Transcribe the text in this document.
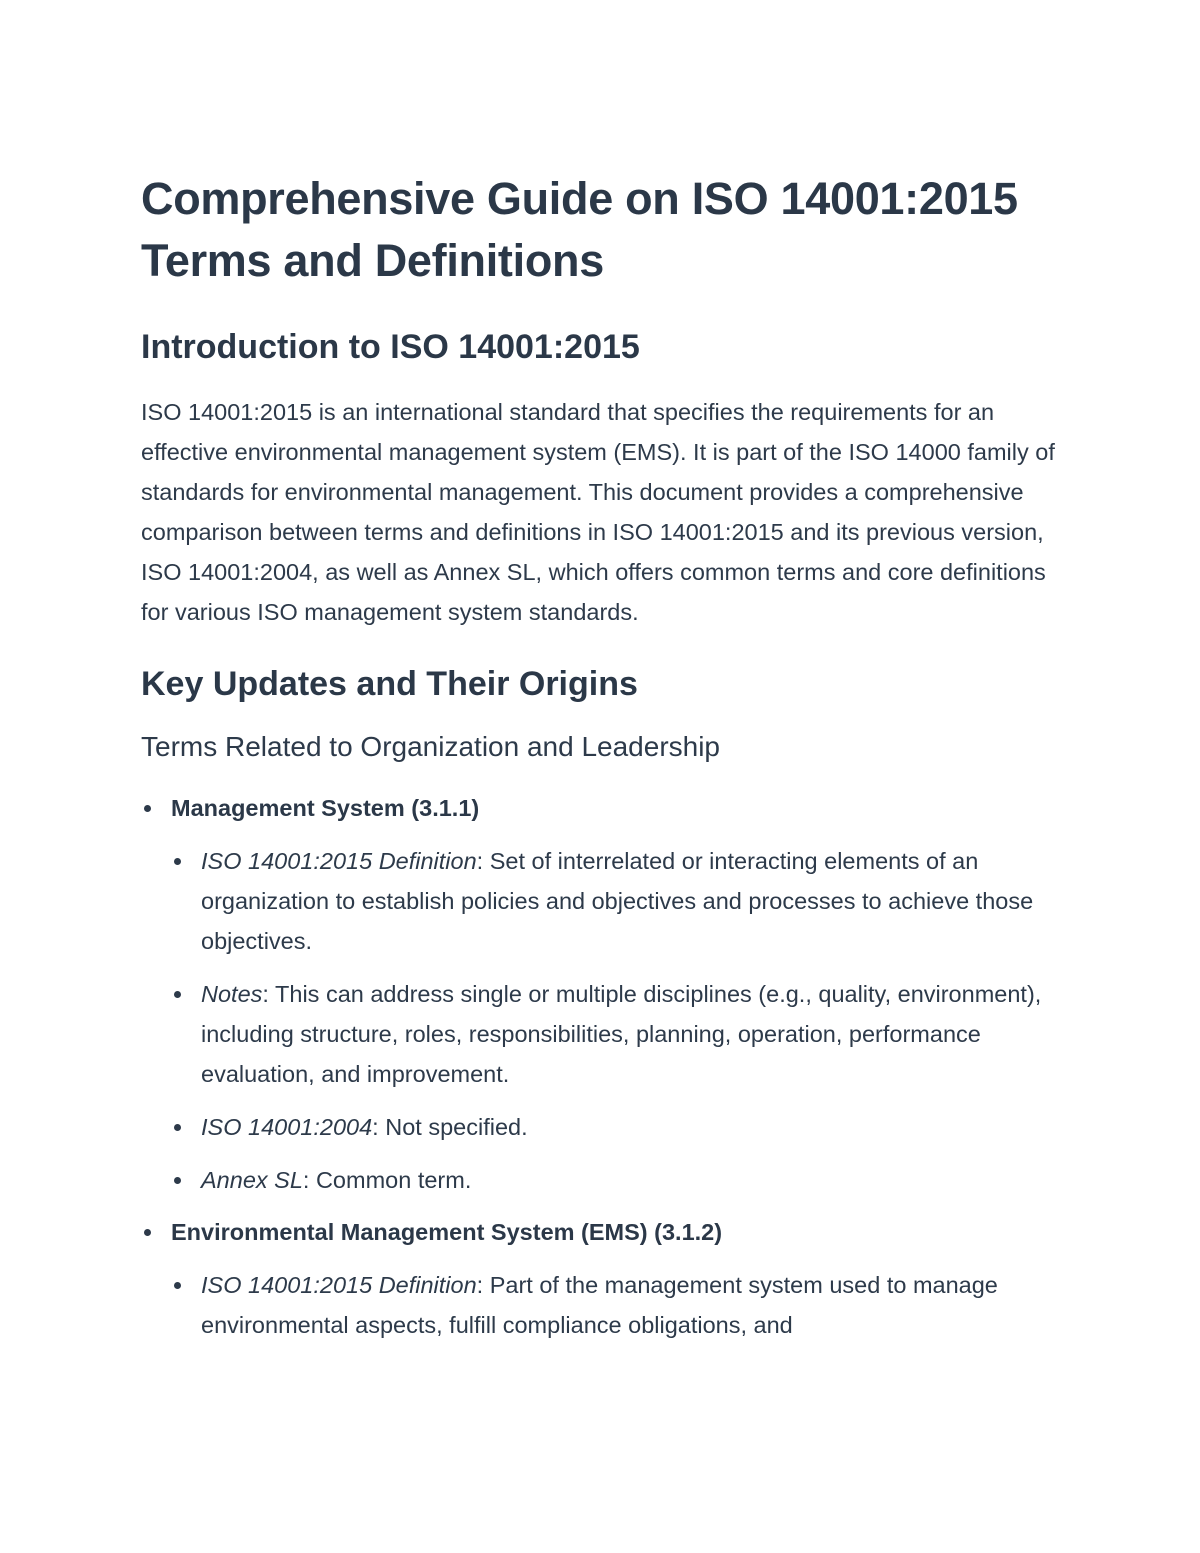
Comprehensive Guide on ISO 14001:2015 Terms and Definitions
Introduction to ISO 14001:2015

ISO 14001:2015 is an international standard that specifies the requirements for an effective environmental management system (EMS). It is part of the ISO 14000 family of standards for environmental management. This document provides a comprehensive comparison between terms and definitions in ISO 14001:2015 and its previous version, ISO 14001:2004, as well as Annex SL, which offers common terms and core definitions for various ISO management system standards.

Key Updates and Their Origins
Terms Related to Organization and Leadership
Management System (3.1.1)
ISO 14001:2015 Definition: Set of interrelated or interacting elements of an organization to establish policies and objectives and processes to achieve those objectives.
Notes: This can address single or multiple disciplines (e.g., quality, environment), including structure, roles, responsibilities, planning, operation, performance evaluation, and improvement.
ISO 14001:2004: Not specified.
Annex SL: Common term.
Environmental Management System (EMS) (3.1.2)
ISO 14001:2015 Definition: Part of the management system used to manage environmental aspects, fulfill compliance obligations, and
